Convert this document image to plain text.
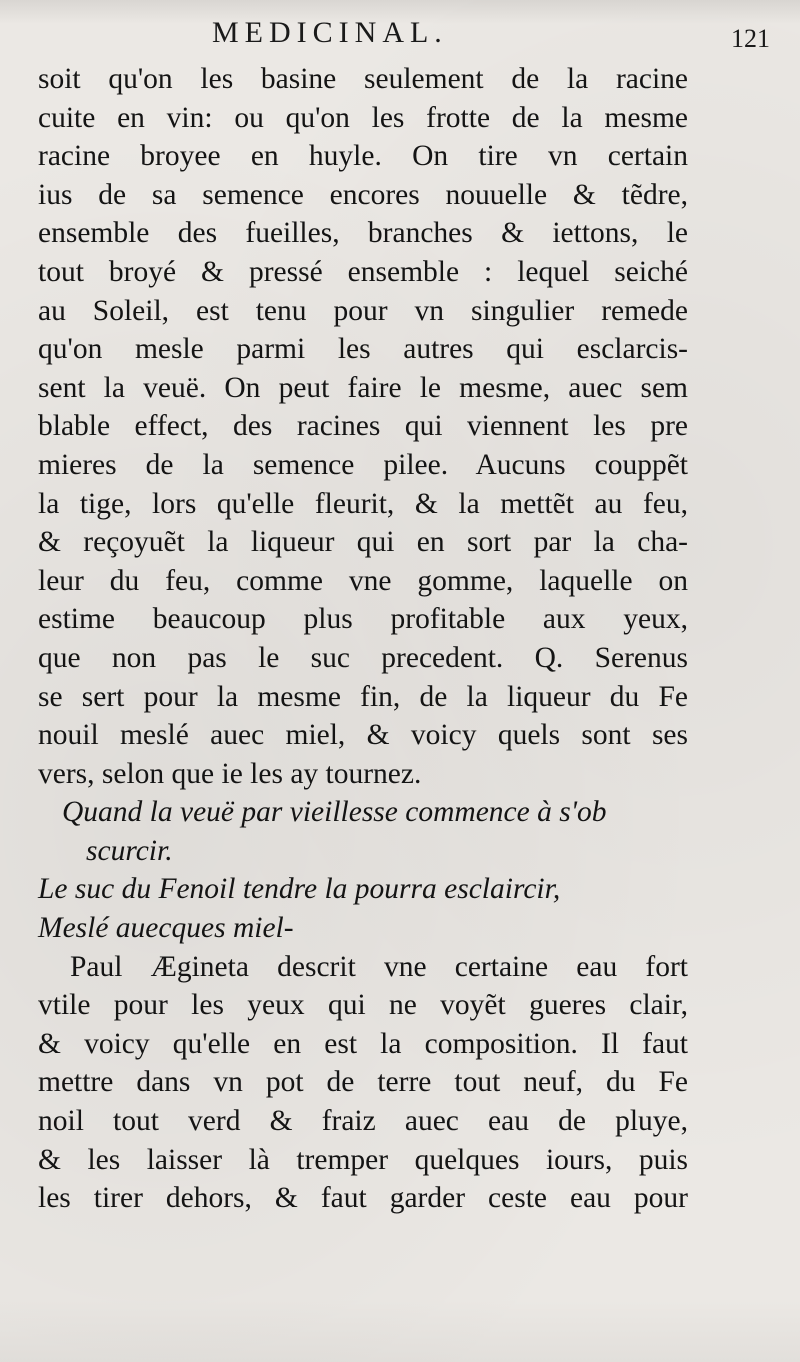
MEDICINAL.	121
soit qu'on les basine seulement de la racine
cuite en vin: ou qu'on les frotte de la mesme
racine broyee en huyle. On tire vn certain
ius de sa semence encores nouuelle & tẽdre,
ensemble des fueilles, branches & iettons, le
tout broyé & pressé ensemble : lequel seiché
au Soleil, est tenu pour vn singulier remede
qu'on mesle parmi les autres qui esclarcis-
sent la veuë. On peut faire le mesme, auec sem
blable effect, des racines qui viennent les pre
mieres de la semence pilee. Aucuns couppẽt
la tige, lors qu'elle fleurit, & la mettẽt au feu,
& reçoyuẽt la liqueur qui en sort par la cha-
leur du feu, comme vne gomme, laquelle on
estime beaucoup plus profitable aux yeux,
que non pas le suc precedent. Q. Serenus
se sert pour la mesme fin, de la liqueur du Fe
nouil meslé auec miel, & voicy quels sont ses
vers, selon que ie les ay tournez.
Quand la veuë par vieillesse commence à s'ob
scurcir.
Le suc du Fenoil tendre la pourra esclaircir,
Meslé auecques miel-
Paul Ægineta descrit vne certaine eau fort
vtile pour les yeux qui ne voyẽt gueres clair,
& voicy qu'elle en est la composition. Il faut
mettre dans vn pot de terre tout neuf, du Fe
noil tout verd & fraiz auec eau de pluye,
& les laisser là tremper quelques iours, puis
les tirer dehors, & faut garder ceste eau pour
